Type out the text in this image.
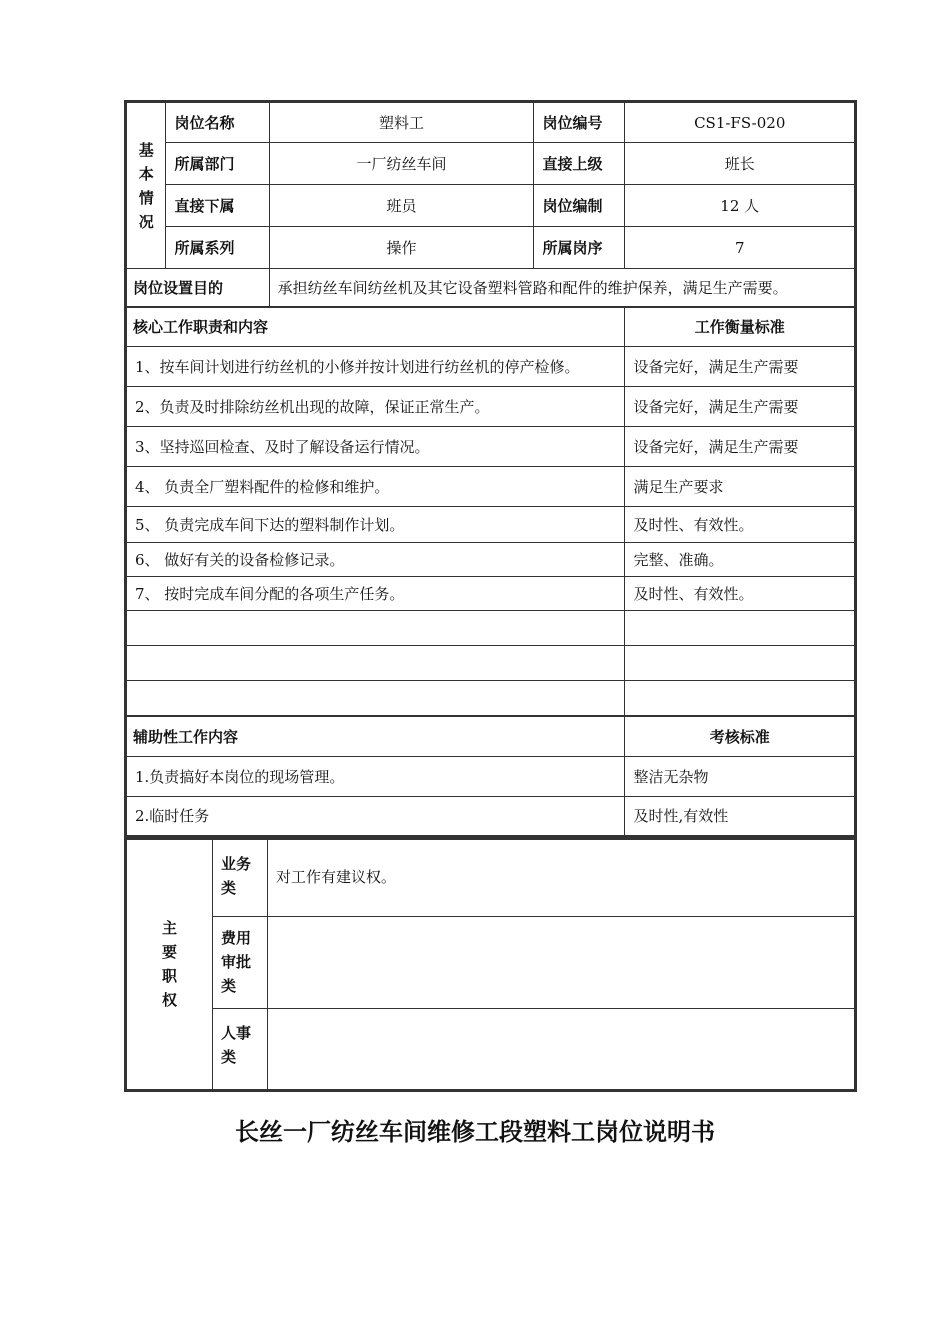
基
本
情
况	岗位名称	塑料工	岗位编号	CS1-FS-020
	所属部门	一厂纺丝车间	直接上级	班长
	直接下属	班员	岗位编制	12 人
	所属系列	操作	所属岗序	7
岗位设置目的		承担纺丝车间纺丝机及其它设备塑料管路和配件的维护保养，满足生产需要。		
核心工作职责和内容				工作衡量标准
1、按车间计划进行纺丝机的小修并按计划进行纺丝机的停产检修。				设备完好，满足生产需要
2、负责及时排除纺丝机出现的故障，保证正常生产。				设备完好，满足生产需要
3、坚持巡回检查、及时了解设备运行情况。				设备完好，满足生产需要
4、 负责全厂塑料配件的检修和维护。				满足生产要求
5、 负责完成车间下达的塑料制作计划。				及时性、有效性。
6、 做好有关的设备检修记录。				完整、准确。
7、 按时完成车间分配的各项生产任务。				及时性、有效性。

辅助性工作内容				考核标准
1.负责搞好本岗位的现场管理。				整洁无杂物
2.临时任务				及时性,有效性
主
要
职
权	业务
类	对工作有建议权。

	费用
审批
类	

	人事
类	

长丝一厂纺丝车间维修工段塑料工岗位说明书
